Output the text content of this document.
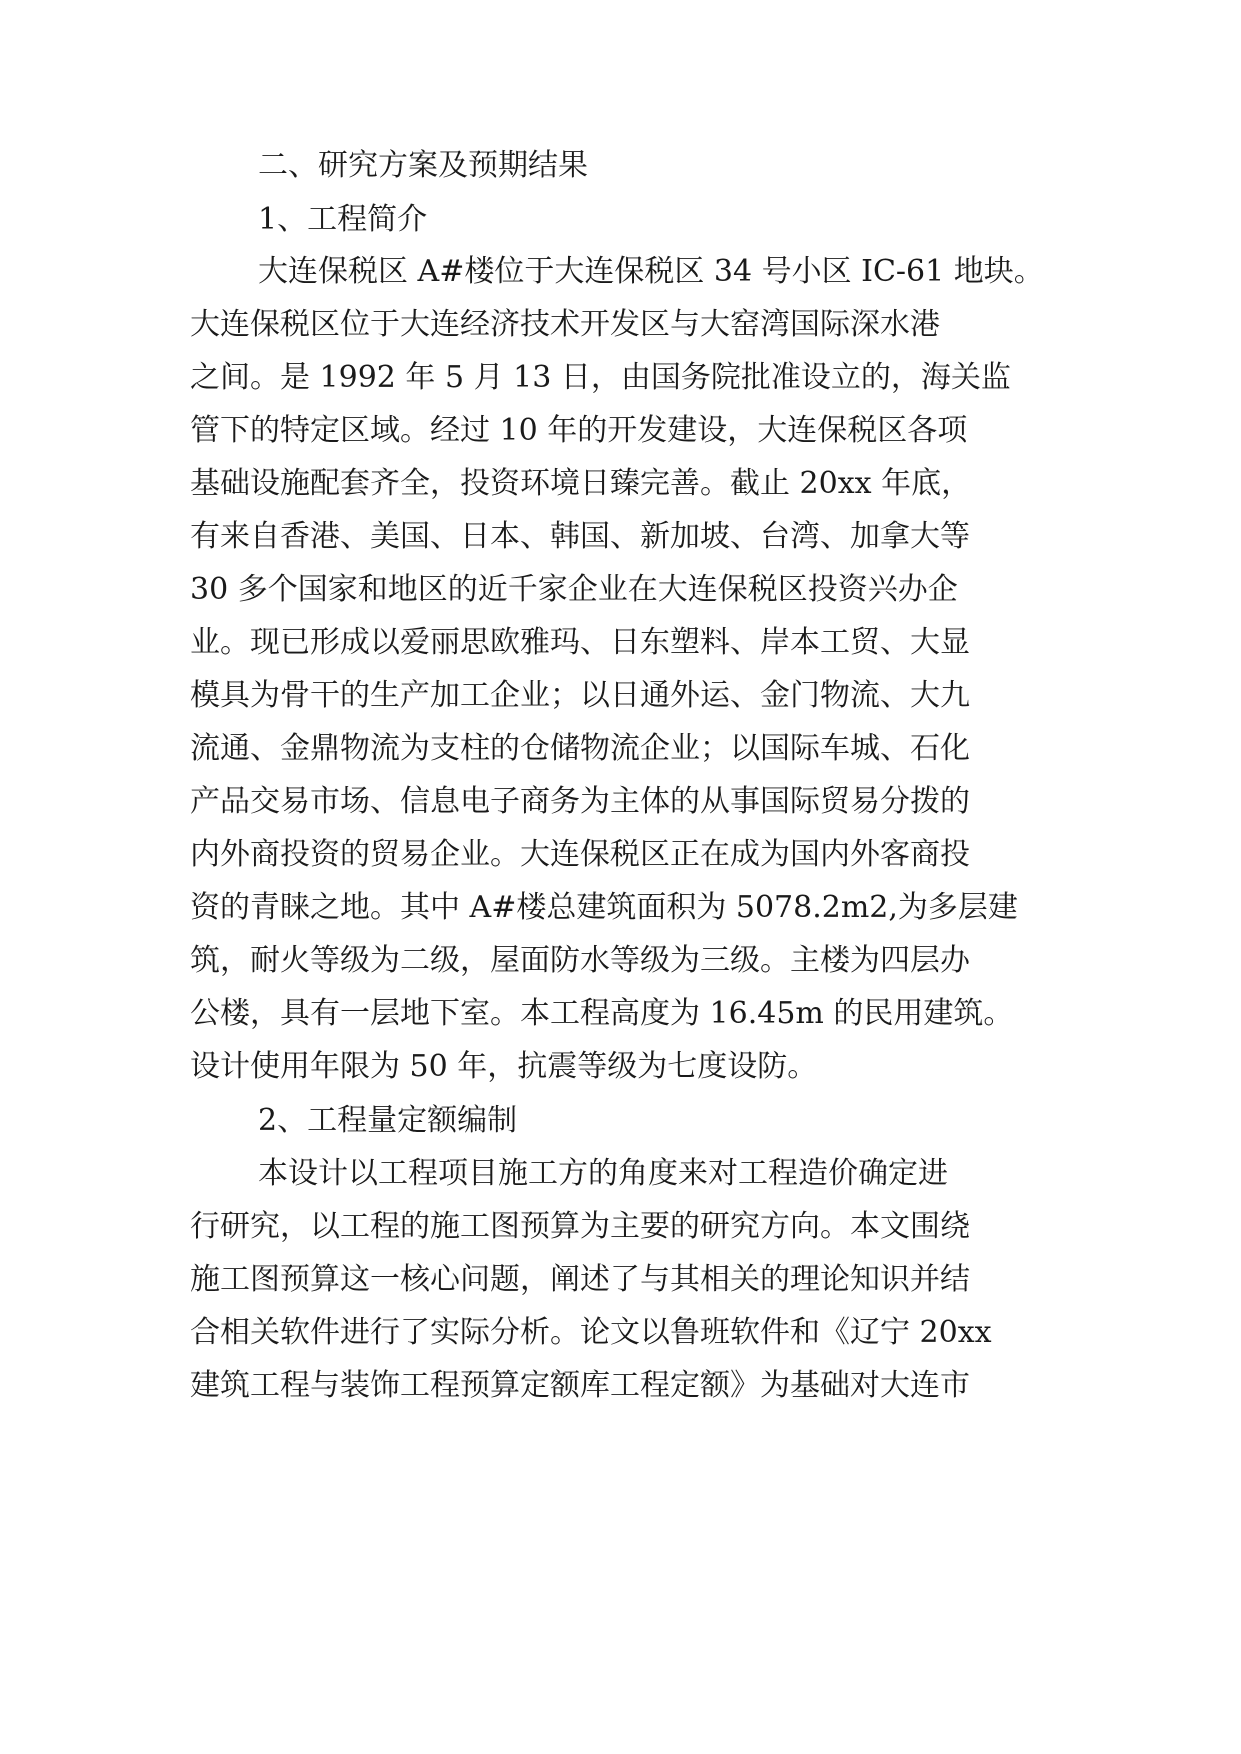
二、研究方案及预期结果
1、工程简介
大连保税区 A#楼位于大连保税区 34 号小区 IC-61 地块。
大连保税区位于大连经济技术开发区与大窑湾国际深水港
之间。是 1992 年 5 月 13 日，由国务院批准设立的，海关监
管下的特定区域。经过 10 年的开发建设，大连保税区各项
基础设施配套齐全，投资环境日臻完善。截止 20xx 年底，
有来自香港、美国、日本、韩国、新加坡、台湾、加拿大等
30 多个国家和地区的近千家企业在大连保税区投资兴办企
业。现已形成以爱丽思欧雅玛、日东塑料、岸本工贸、大显
模具为骨干的生产加工企业；以日通外运、金门物流、大九
流通、金鼎物流为支柱的仓储物流企业；以国际车城、石化
产品交易市场、信息电子商务为主体的从事国际贸易分拨的
内外商投资的贸易企业。大连保税区正在成为国内外客商投
资的青睐之地。其中 A#楼总建筑面积为 5078.2m2,为多层建
筑，耐火等级为二级，屋面防水等级为三级。主楼为四层办
公楼，具有一层地下室。本工程高度为 16.45m 的民用建筑。
设计使用年限为 50 年，抗震等级为七度设防。
2、工程量定额编制
本设计以工程项目施工方的角度来对工程造价确定进
行研究，以工程的施工图预算为主要的研究方向。本文围绕
施工图预算这一核心问题，阐述了与其相关的理论知识并结
合相关软件进行了实际分析。论文以鲁班软件和《辽宁 20xx
建筑工程与装饰工程预算定额库工程定额》为基础对大连市
